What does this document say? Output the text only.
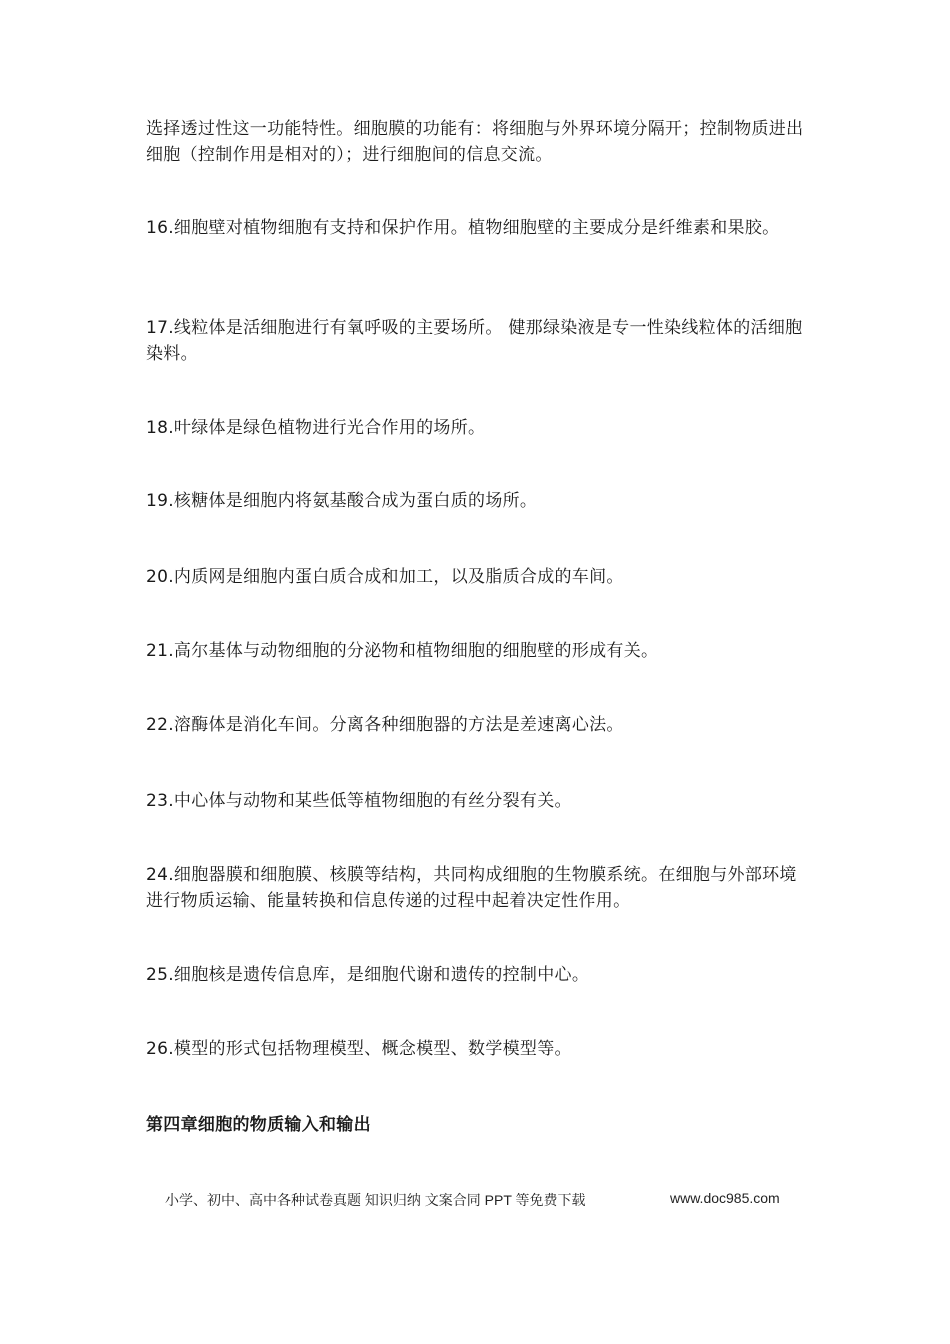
选择透过性这一功能特性。细胞膜的功能有：将细胞与外界环境分隔开；控制物质进出细胞（控制作用是相对的）；进行细胞间的信息交流。

16.细胞壁对植物细胞有支持和保护作用。植物细胞壁的主要成分是纤维素和果胶。

17.线粒体是活细胞进行有氧呼吸的主要场所。 健那绿染液是专一性染线粒体的活细胞染料。

18.叶绿体是绿色植物进行光合作用的场所。

19.核糖体是细胞内将氨基酸合成为蛋白质的场所。

20.内质网是细胞内蛋白质合成和加工，以及脂质合成的车间。

21.高尔基体与动物细胞的分泌物和植物细胞的细胞壁的形成有关。

22.溶酶体是消化车间。分离各种细胞器的方法是差速离心法。

23.中心体与动物和某些低等植物细胞的有丝分裂有关。

24.细胞器膜和细胞膜、核膜等结构，共同构成细胞的生物膜系统。在细胞与外部环境进行物质运输、能量转换和信息传递的过程中起着决定性作用。

25.细胞核是遗传信息库，是细胞代谢和遗传的控制中心。

26.模型的形式包括物理模型、概念模型、数学模型等。

第四章细胞的物质输入和输出
小学、初中、高中各种试卷真题 知识归纳 文案合同 PPT 等免费下载	www.doc985.com
